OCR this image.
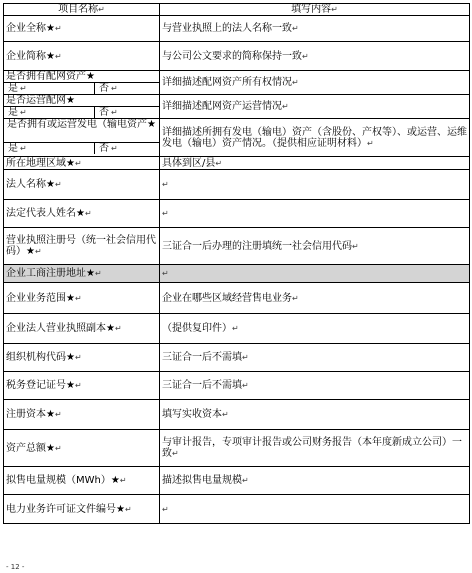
项目名称↵	填写内容↵
企业全称★↵	与营业执照上的法人名称一致↵
企业简称★↵	与公司公文要求的简称保持一致↵

是否拥有配网资产★
是 ↵ 否 ↵	详细描述配网资产所有权情况↵

是否运营配网★
是 ↵ 否 ↵	详细描述配网资产运营情况↵

是否拥有或运营发电（输电资产★
是 ↵ 否 ↵	详细描述所拥有发电（输电）资产（含股份、产权等）、或运营、运维发电（输电）资产情况。（提供相应证明材料）↵
所在地理区域★↵	具体到区/县↵
法人名称★↵	↵
法定代表人姓名★↵	↵
营业执照注册号（统一社会信用代码）★↵	三证合一后办理的注册填统一社会信用代码↵
企业工商注册地址★↵	↵
企业业务范围★↵	企业在哪些区域经营售电业务↵
企业法人营业执照副本★↵	（提供复印件）↵
组织机构代码★↵	三证合一后不需填↵
税务登记证号★↵	三证合一后不需填↵
注册资本★↵	填写实收资本↵
资产总额★↵	与审计报告，专项审计报告或公司财务报告（本年度新成立公司）一致↵
拟售电量规模（MWh）★↵	描述拟售电量规模↵
电力业务许可证文件编号★↵	↵
- 12 -
